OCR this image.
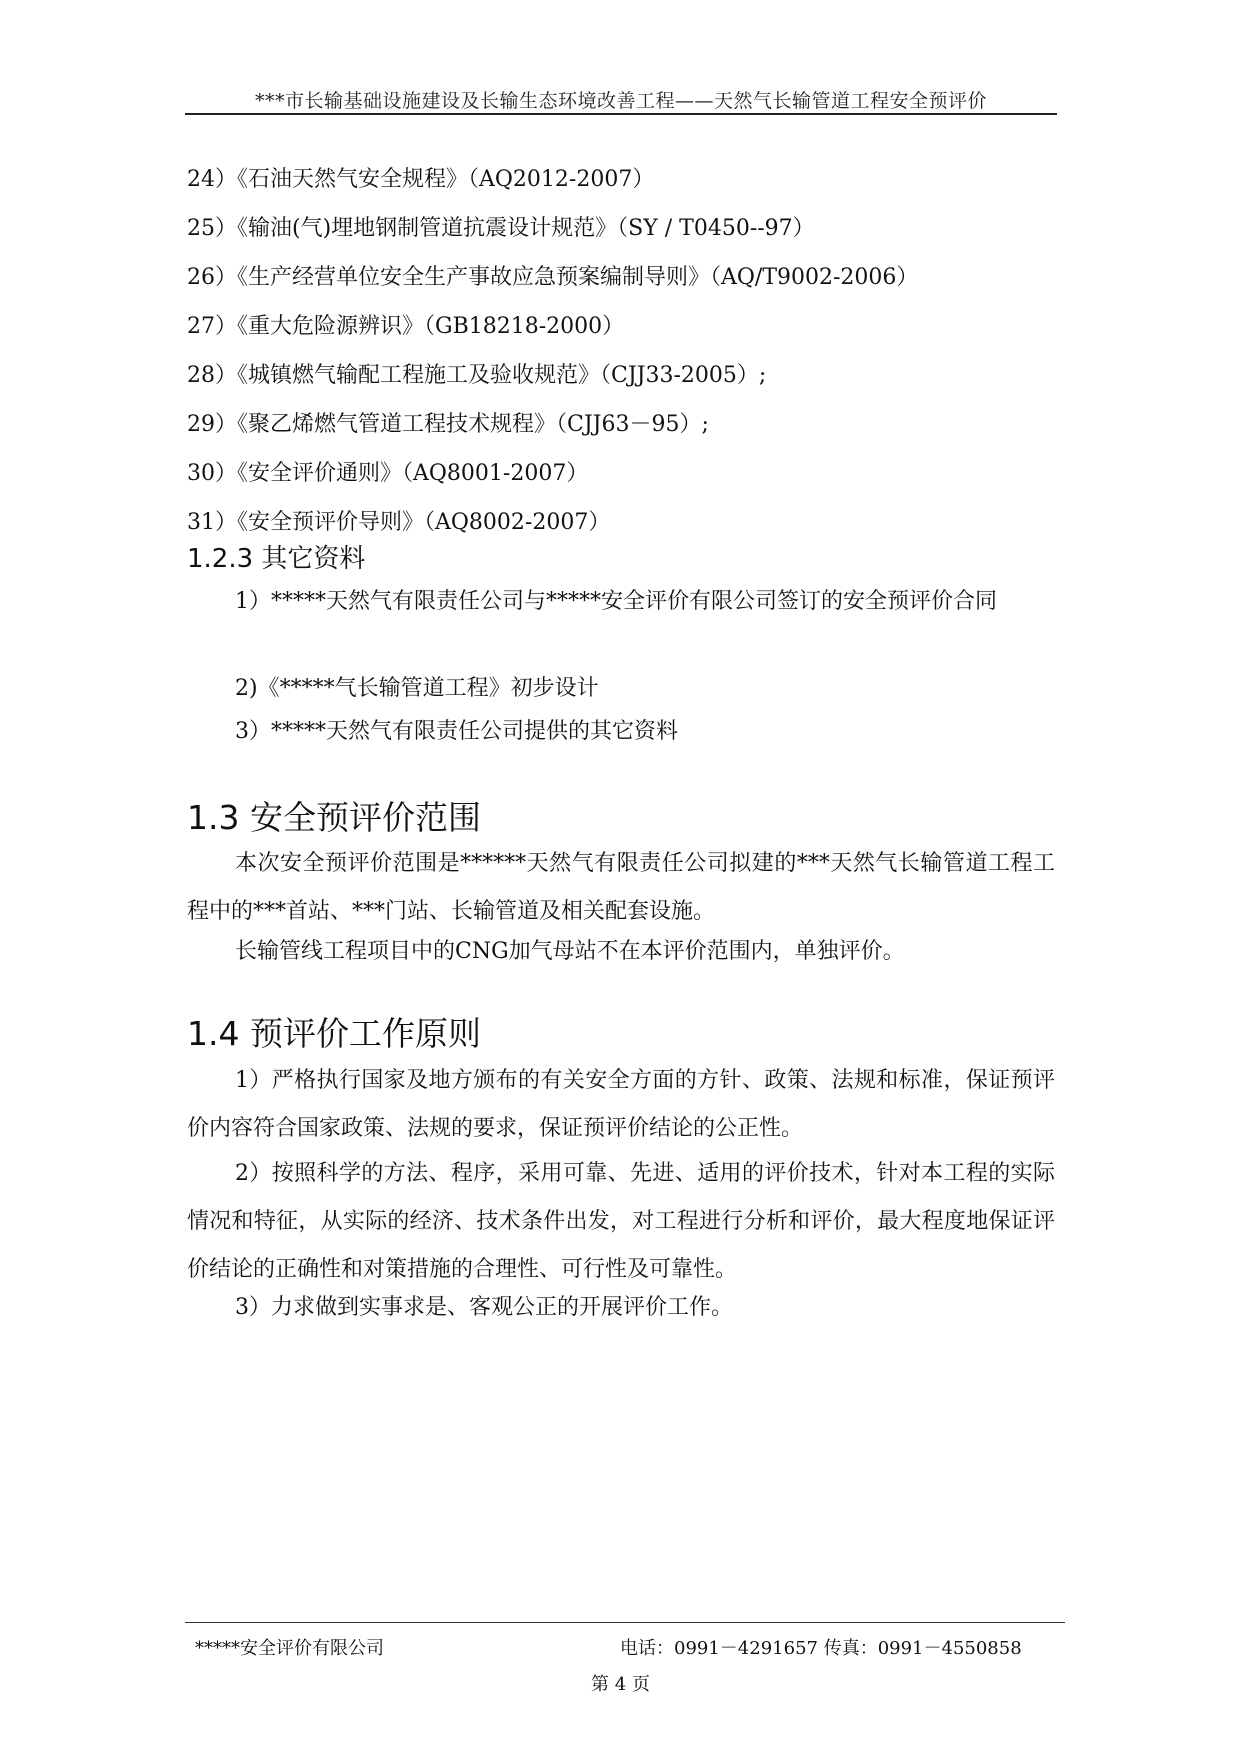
***市长输基础设施建设及长输生态环境改善工程——天然气长输管道工程安全预评价
24）《石油天然气安全规程》（AQ2012-2007）
25）《输油(气)埋地钢制管道抗震设计规范》（SY / T0450--97）
26）《生产经营单位安全生产事故应急预案编制导则》（AQ/T9002-2006）
27）《重大危险源辨识》（GB18218-2000）
28）《城镇燃气输配工程施工及验收规范》（CJJ33-2005）;
29）《聚乙烯燃气管道工程技术规程》（CJJ63－95）;
30）《安全评价通则》（AQ8001-2007）
31）《安全预评价导则》（AQ8002-2007）
1.2.3 其它资料
1）*****天然气有限责任公司与*****安全评价有限公司签订的安全预评价合同
2)《*****气长输管道工程》初步设计
3）*****天然气有限责任公司提供的其它资料
1.3 安全预评价范围
本次安全预评价范围是******天然气有限责任公司拟建的***天然气长输管道工程工程中的***首站、***门站、长输管道及相关配套设施。
长输管线工程项目中的CNG加气母站不在本评价范围内，单独评价。
1.4 预评价工作原则
1）严格执行国家及地方颁布的有关安全方面的方针、政策、法规和标准，保证预评价内容符合国家政策、法规的要求，保证预评价结论的公正性。
2）按照科学的方法、程序，采用可靠、先进、适用的评价技术，针对本工程的实际情况和特征，从实际的经济、技术条件出发，对工程进行分析和评价，最大程度地保证评价结论的正确性和对策措施的合理性、可行性及可靠性。
3）力求做到实事求是、客观公正的开展评价工作。
*****安全评价有限公司	电话：0991－4291657 传真：0991－4550858
第 4 页
